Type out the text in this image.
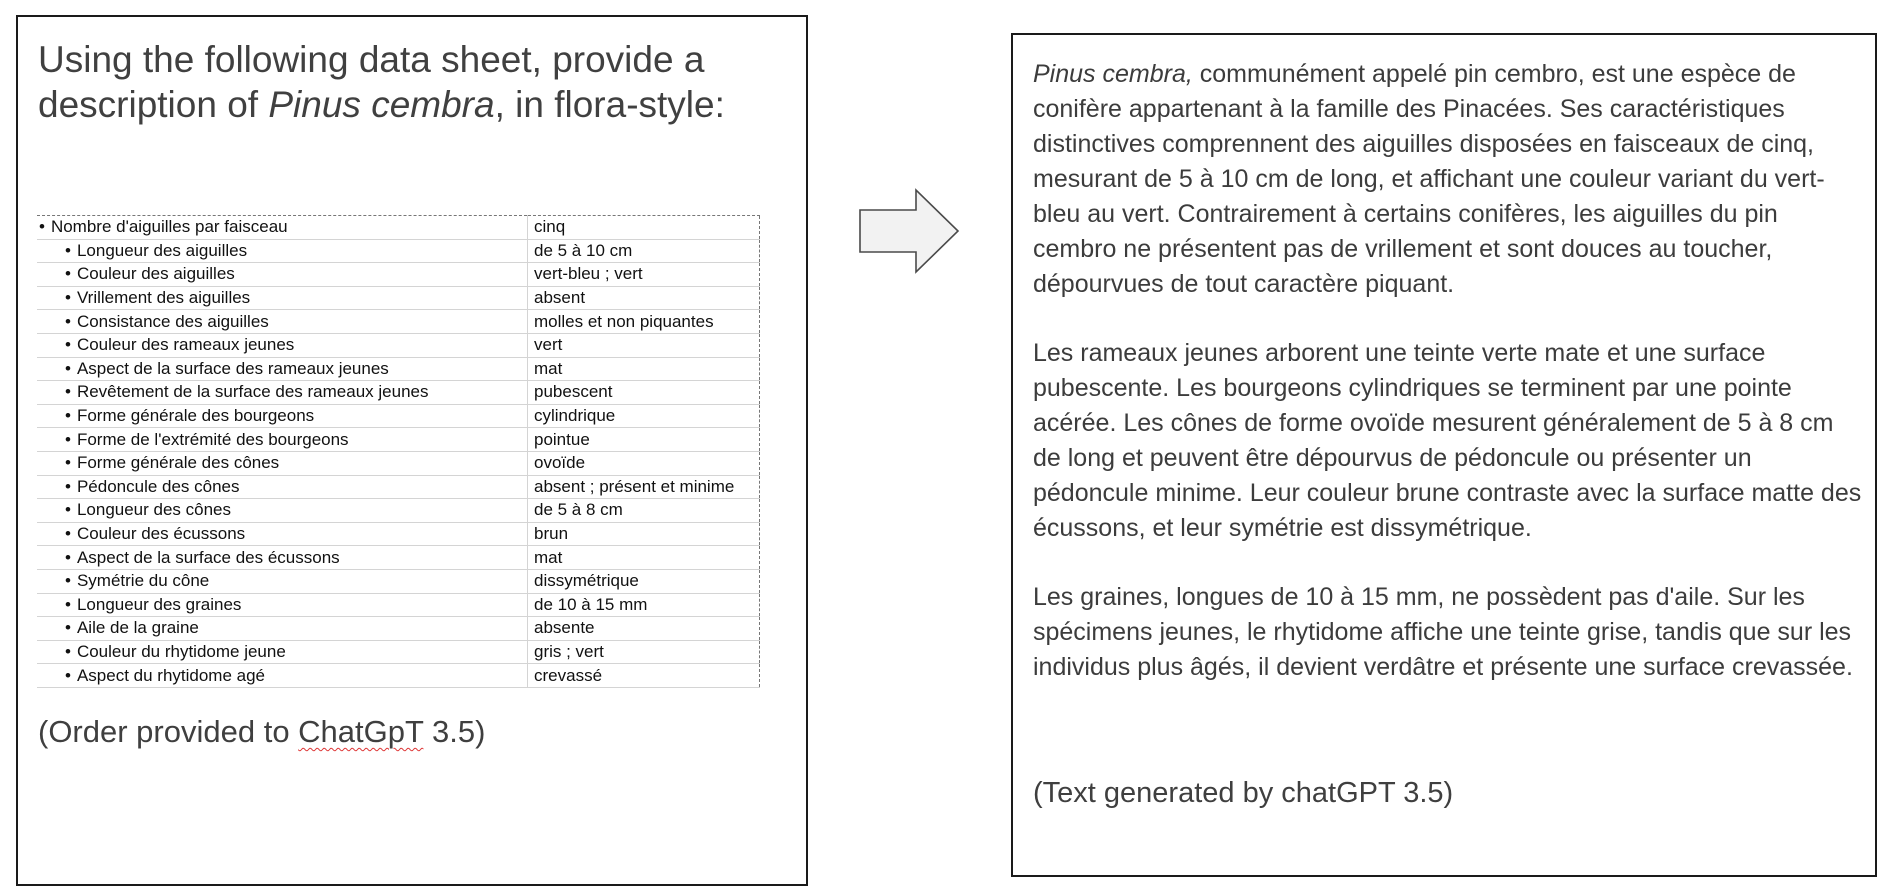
Using the following data sheet, provide a description of Pinus cembra, in flora-style:
• Nombre d'aiguilles par faisceau	cinq
• Longueur des aiguilles	de 5 à 10 cm
• Couleur des aiguilles	vert-bleu ; vert
• Vrillement des aiguilles	absent
• Consistance des aiguilles	molles et non piquantes
• Couleur des rameaux jeunes	vert
• Aspect de la surface des rameaux jeunes	mat
• Revêtement de la surface des rameaux jeunes	pubescent
• Forme générale des bourgeons	cylindrique
• Forme de l'extrémité des bourgeons	pointue
• Forme générale des cônes	ovoïde
• Pédoncule des cônes	absent ; présent et minime
• Longueur des cônes	de 5 à 8 cm
• Couleur des écussons	brun
• Aspect de la surface des écussons	mat
• Symétrie du cône	dissymétrique
• Longueur des graines	de 10 à 15 mm
• Aile de la graine	absente
• Couleur du rhytidome jeune	gris ; vert
• Aspect du rhytidome agé	crevassé
(Order provided to ChatGpT 3.5)

Pinus cembra, communément appelé pin cembro, est une espèce de conifère appartenant à la famille des Pinacées. Ses caractéristiques distinctives comprennent des aiguilles disposées en faisceaux de cinq, mesurant de 5 à 10 cm de long, et affichant une couleur variant du vert-bleu au vert. Contrairement à certains conifères, les aiguilles du pin cembro ne présentent pas de vrillement et sont douces au toucher, dépourvues de tout caractère piquant.

Les rameaux jeunes arborent une teinte verte mate et une surface pubescente. Les bourgeons cylindriques se terminent par une pointe acérée. Les cônes de forme ovoïde mesurent généralement de 5 à 8 cm de long et peuvent être dépourvus de pédoncule ou présenter un pédoncule minime. Leur couleur brune contraste avec la surface matte des écussons, et leur symétrie est dissymétrique.

Les graines, longues de 10 à 15 mm, ne possèdent pas d'aile. Sur les spécimens jeunes, le rhytidome affiche une teinte grise, tandis que sur les individus plus âgés, il devient verdâtre et présente une surface crevassée.

(Text generated by chatGPT 3.5)
